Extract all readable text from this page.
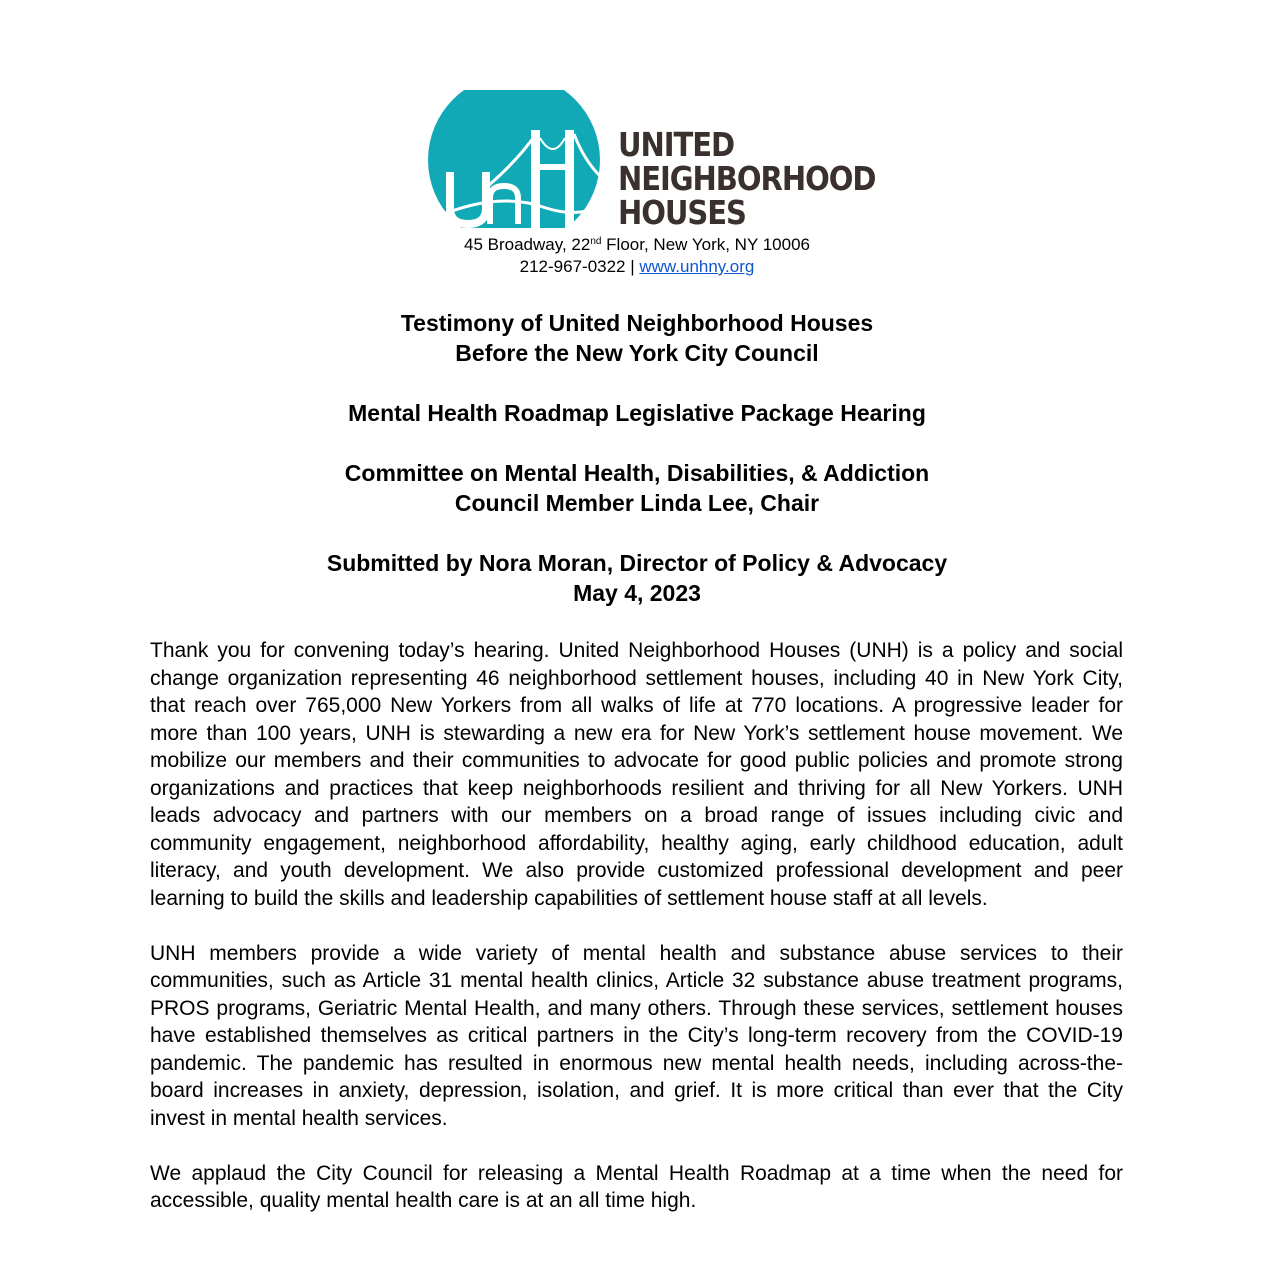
UNITED
NEIGHBORHOOD
HOUSES
45 Broadway, 22nd Floor, New York, NY 10006
212-967-0322 | www.unhny.org
Testimony of United Neighborhood Houses
Before the New York City Council
Mental Health Roadmap Legislative Package Hearing
Committee on Mental Health, Disabilities, & Addiction
Council Member Linda Lee, Chair
Submitted by Nora Moran, Director of Policy & Advocacy
May 4, 2023

Thank you for convening today’s hearing. United Neighborhood Houses (UNH) is a policy and social change organization representing 46 neighborhood settlement houses, including 40 in New York City, that reach over 765,000 New Yorkers from all walks of life at 770 locations. A progressive leader for more than 100 years, UNH is stewarding a new era for New York’s settlement house movement. We mobilize our members and their communities to advocate for good public policies and promote strong organizations and practices that keep neighborhoods resilient and thriving for all New Yorkers. UNH leads advocacy and partners with our members on a broad range of issues including civic and community engagement, neighborhood affordability, healthy aging, early childhood education, adult literacy, and youth development. We also provide customized professional development and peer learning to build the skills and leadership capabilities of settlement house staff at all levels.

UNH members provide a wide variety of mental health and substance abuse services to their communities, such as Article 31 mental health clinics, Article 32 substance abuse treatment programs, PROS programs, Geriatric Mental Health, and many others. Through these services, settlement houses have established themselves as critical partners in the City’s long-term recovery from the COVID-19 pandemic. The pandemic has resulted in enormous new mental health needs, including across-the-board increases in anxiety, depression, isolation, and grief. It is more critical than ever that the City invest in mental health services.

We applaud the City Council for releasing a Mental Health Roadmap at a time when the need for accessible, quality mental health care is at an all time high.
